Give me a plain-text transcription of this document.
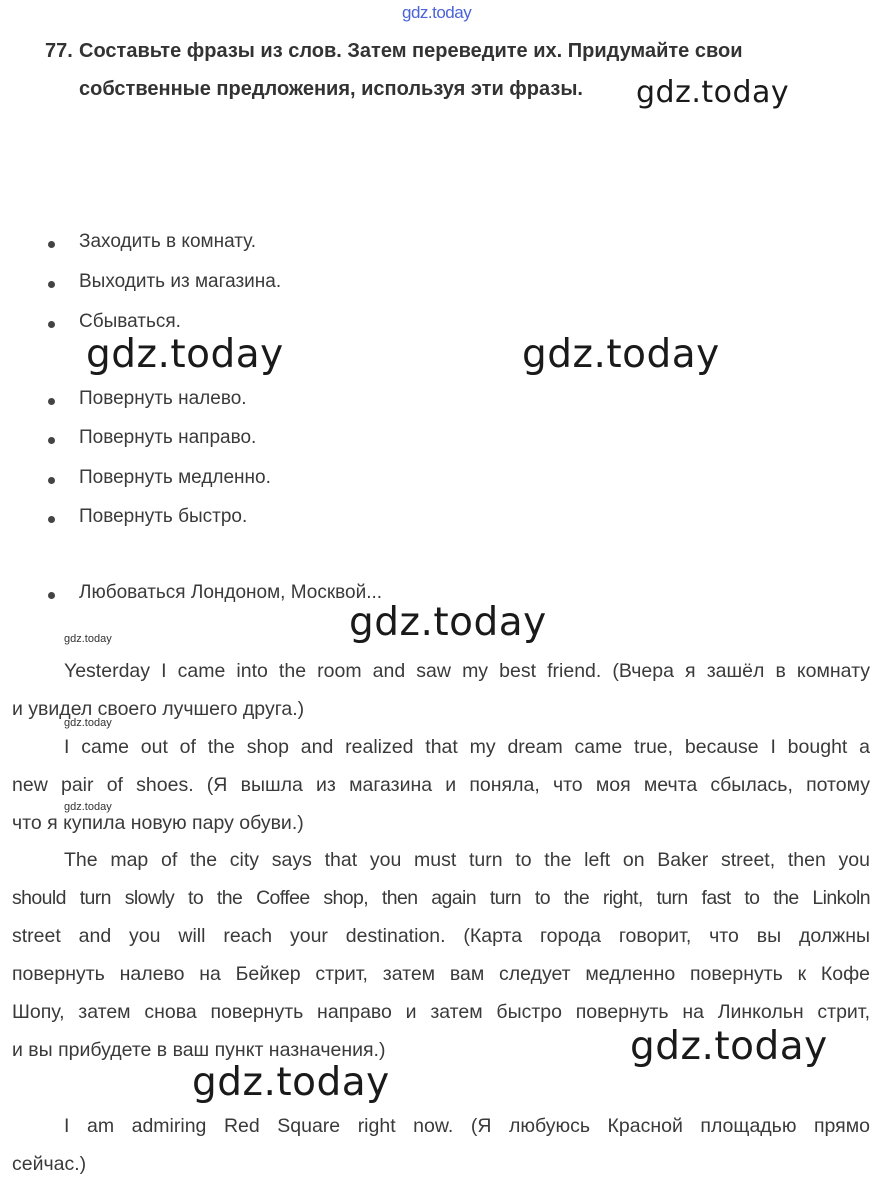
gdz.today

77. Составьте фразы из слов. Затем переведите их. Придумайте свои

собственные предложения, используя эти фразы. gdz.today

Заходить в комнату.

Выходить из магазина.

Сбываться.

Повернуть налево.

Повернуть направо.

Повернуть медленно.

Повернуть быстро.

Любоваться Лондоном, Москвой...

gdz.today	gdz.today

gdz.today

gdz.today

gdz.today

gdz.today

gdz.today

gdz.today

Yesterday I came into the room and saw my best friend. (Вчера я зашёл в комнату

и увидел своего лучшего друга.)

I came out of the shop and realized that my dream came true, because I bought a

new pair of shoes. (Я вышла из магазина и поняла, что моя мечта сбылась, потому

что я купила новую пару обуви.)

The map of the city says that you must turn to the left on Baker street, then you

should turn slowly to the Coffee shop, then again turn to the right, turn fast to the Linkoln

street and you will reach your destination. (Карта города говорит, что вы должны

повернуть налево на Бейкер стрит, затем вам следует медленно повернуть к Кофе

Шопу, затем снова повернуть направо и затем быстро повернуть на Линкольн стрит,

и вы прибудете в ваш пункт назначения.)

I am admiring Red Square right now. (Я любуюсь Красной площадью прямо

сейчас.)
